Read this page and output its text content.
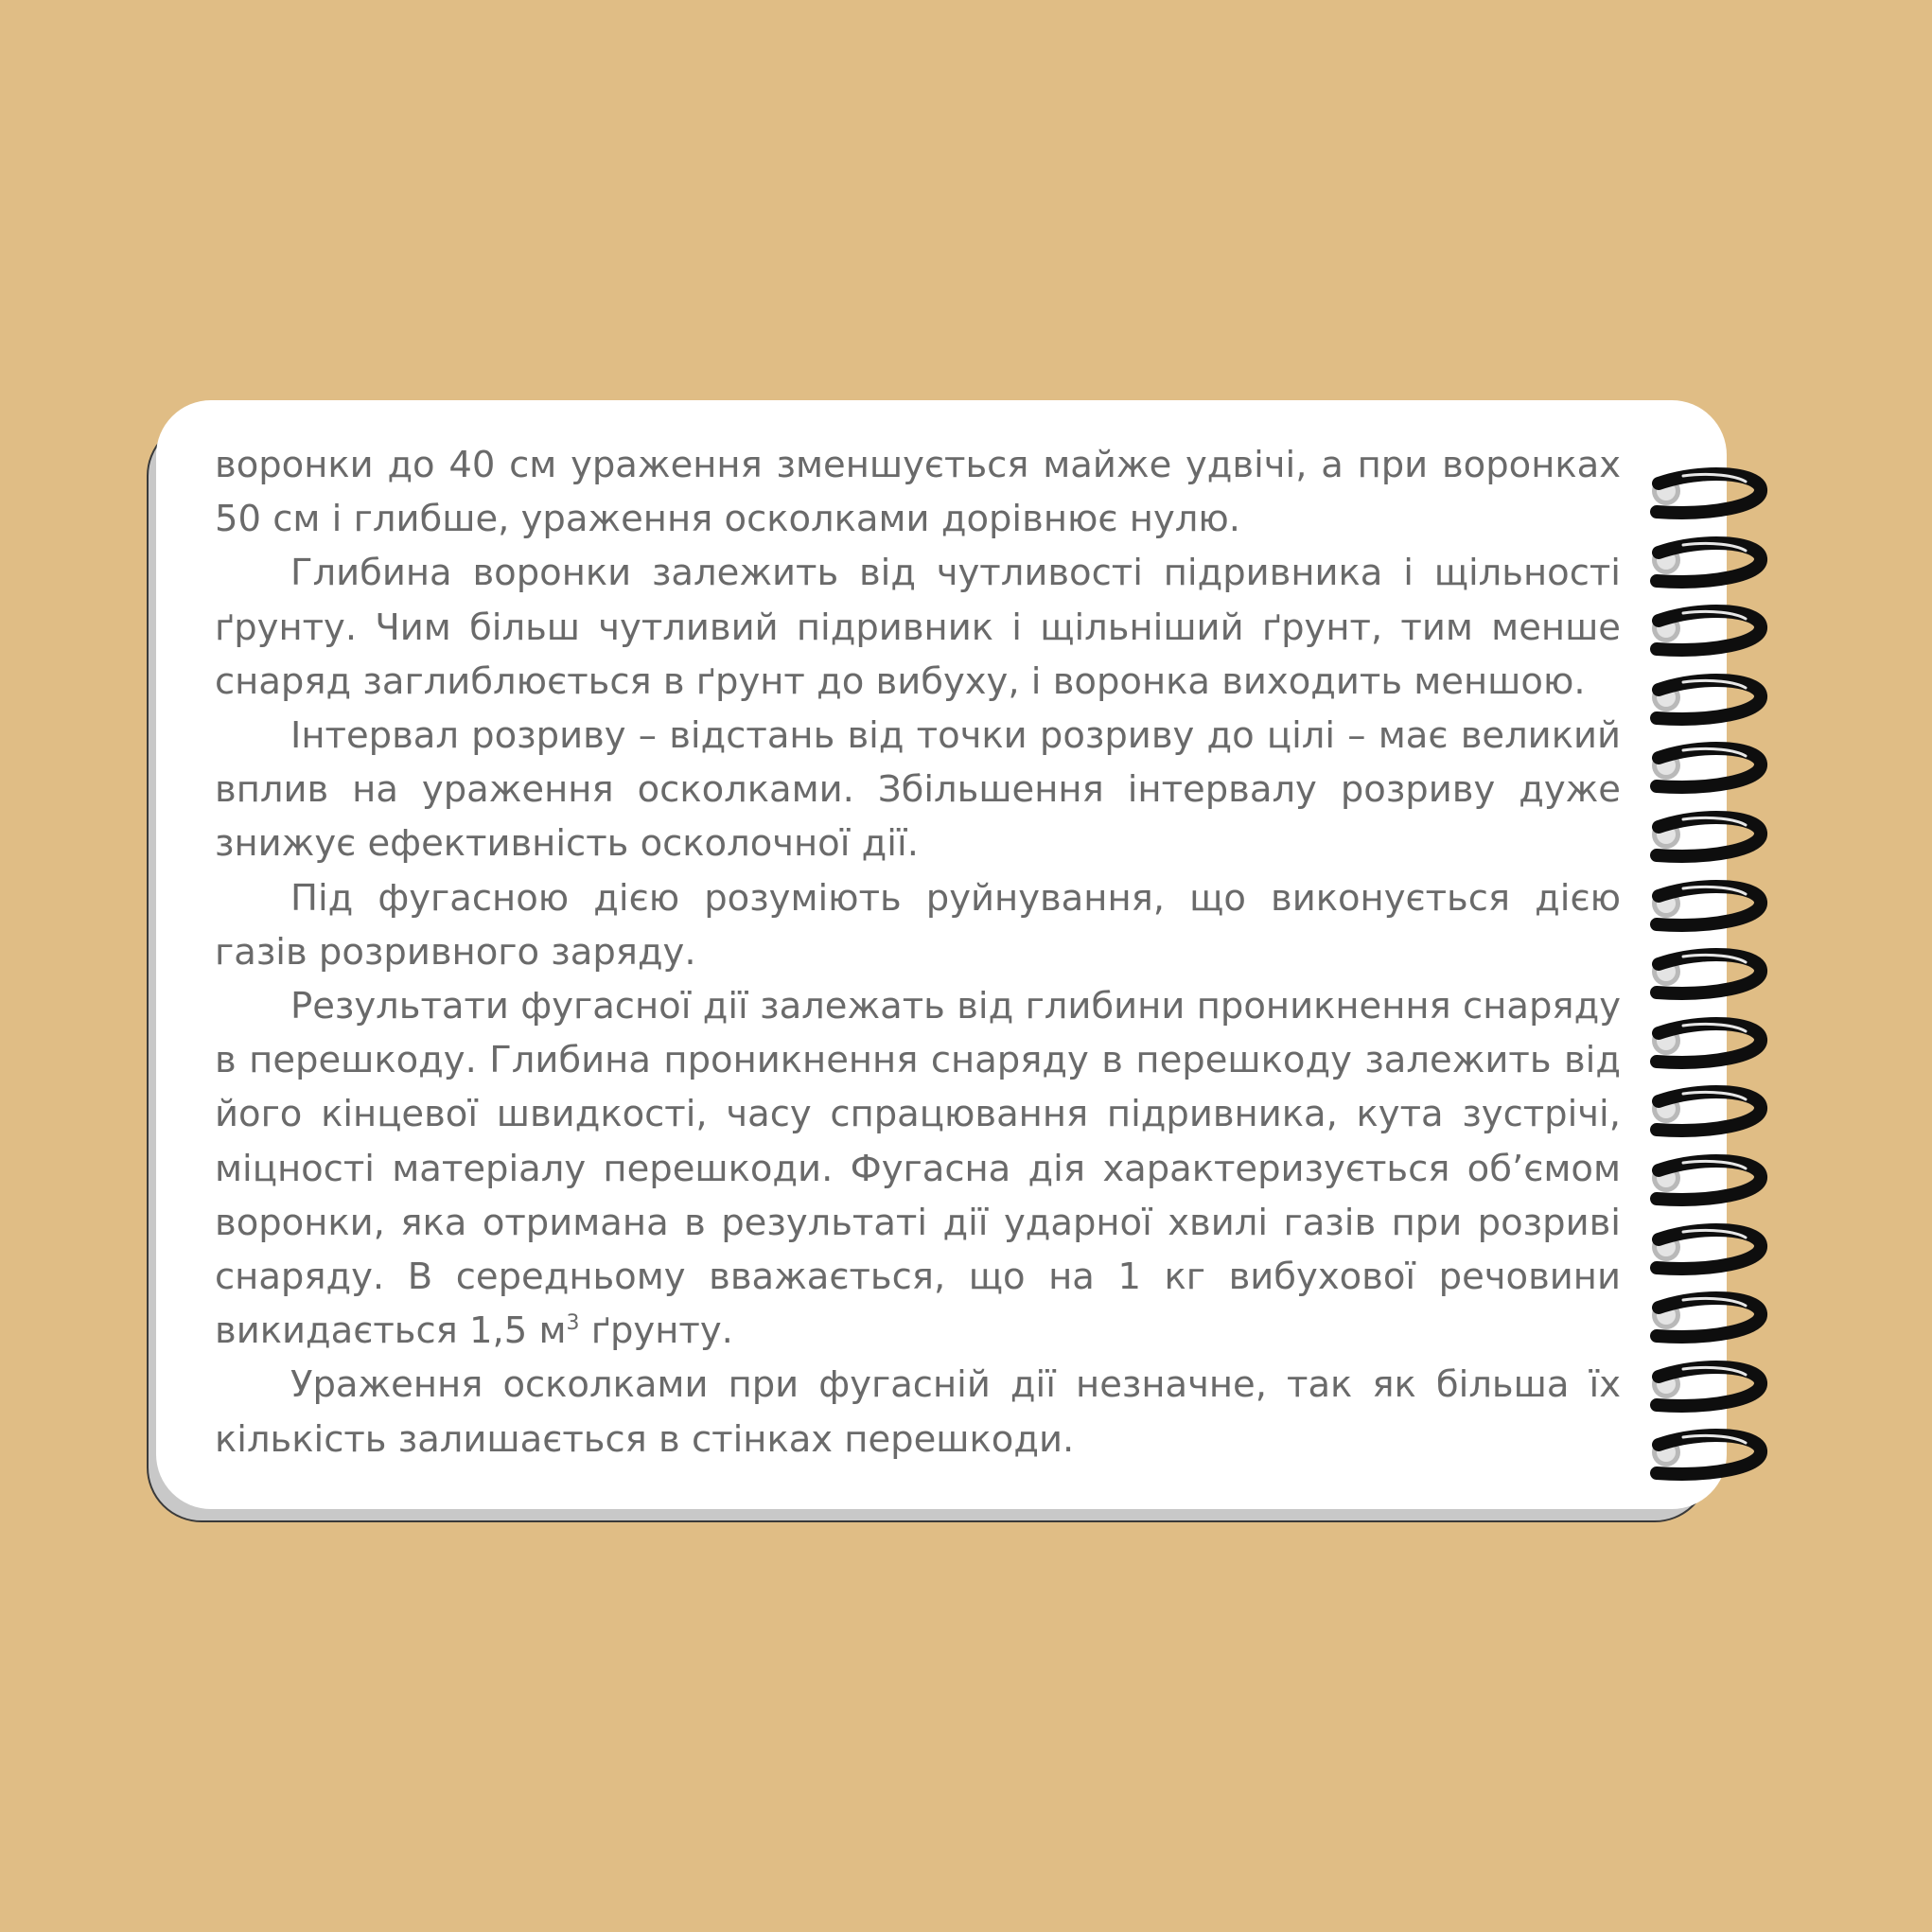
воронки до 40 см ураження зменшується майже удвічі, а при воронках 50 см і глибше, ураження осколками дорівнює нулю.

Глибина воронки залежить від чутливості підривника і щільності ґрунту. Чим більш чутливий підривник і щільніший ґрунт, тим менше снаряд заглиблюється в ґрунт до вибуху, і воронка виходить меншою.

Інтервал розриву – відстань від точки розриву до цілі – має великий вплив на ураження осколками. Збільшення інтервалу розриву дуже знижує ефективність осколочної дії.

Під фугасною дією розуміють руйнування, що виконується дією газів розривного заряду.

Результати фугасної дії залежать від глибини проникнення снаряду в перешкоду. Глибина проникнення снаряду в перешкоду залежить від його кінцевої швидкості, часу спрацювання підривника, кута зустрічі, міцності матеріалу перешкоди. Фугасна дія характеризується об’ємом воронки, яка отримана в результаті дії ударної хвилі газів при розриві снаряду. В середньому вважається, що на 1 кг вибухової речовини викидається 1,5 $м^3$ ґрунту.

Ураження осколками при фугасній дії незначне, так як більша їх кількість залишається в стінках перешкоди.
